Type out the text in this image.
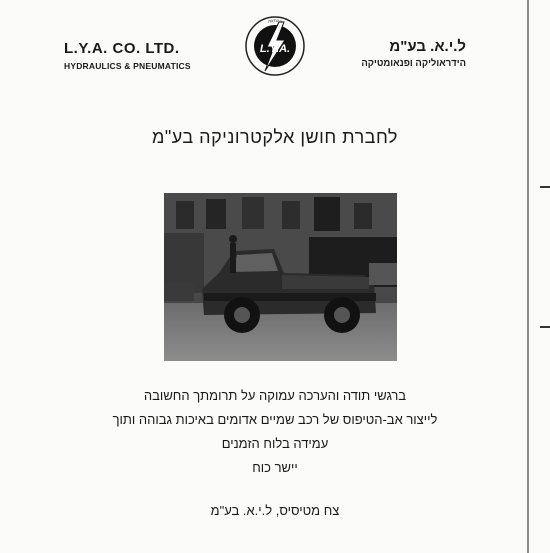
L.Y.A. CO. LTD.
HYDRAULICS & PNEUMATICS
L.Y.A.
ההנדסה
ל.י.א. בע"מ
הידראוליקה ופנאומטיקה
לחברת חושן אלקטרוניקה בע"מ
ברגשי תודה והערכה עמוקה על תרומתך החשובה
לייצור אב-הטיפוס של רכב שמיים אדומים באיכות גבוהה ותוך
עמידה בלוח הזמנים
יישר כוח
צח מטיסיס, ל.י.א. בע"מ
